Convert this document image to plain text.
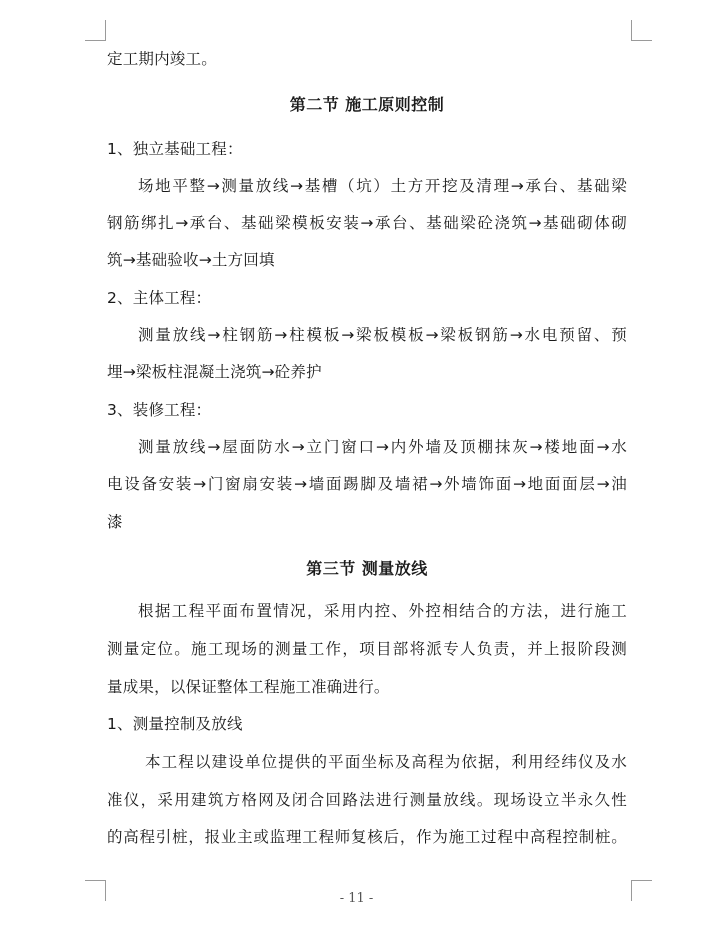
定工期内竣工。
第二节 施工原则控制
1、独立基础工程：
场地平整→测量放线→基槽（坑）土方开挖及清理→承台、基础梁
钢筋绑扎→承台、基础梁模板安装→承台、基础梁砼浇筑→基础砌体砌
筑→基础验收→土方回填
2、主体工程：
测量放线→柱钢筋→柱模板→梁板模板→梁板钢筋→水电预留、预
埋→梁板柱混凝土浇筑→砼养护
3、装修工程：
测量放线→屋面防水→立门窗口→内外墙及顶棚抹灰→楼地面→水
电设备安装→门窗扇安装→墙面踢脚及墙裙→外墙饰面→地面面层→油
漆
第三节 测量放线
根据工程平面布置情况，采用内控、外控相结合的方法，进行施工
测量定位。施工现场的测量工作，项目部将派专人负责，并上报阶段测
量成果，以保证整体工程施工准确进行。
1、测量控制及放线
本工程以建设单位提供的平面坐标及高程为依据，利用经纬仪及水
准仪，采用建筑方格网及闭合回路法进行测量放线。现场设立半永久性
的高程引桩，报业主或监理工程师复核后，作为施工过程中高程控制桩。
- 11 -
